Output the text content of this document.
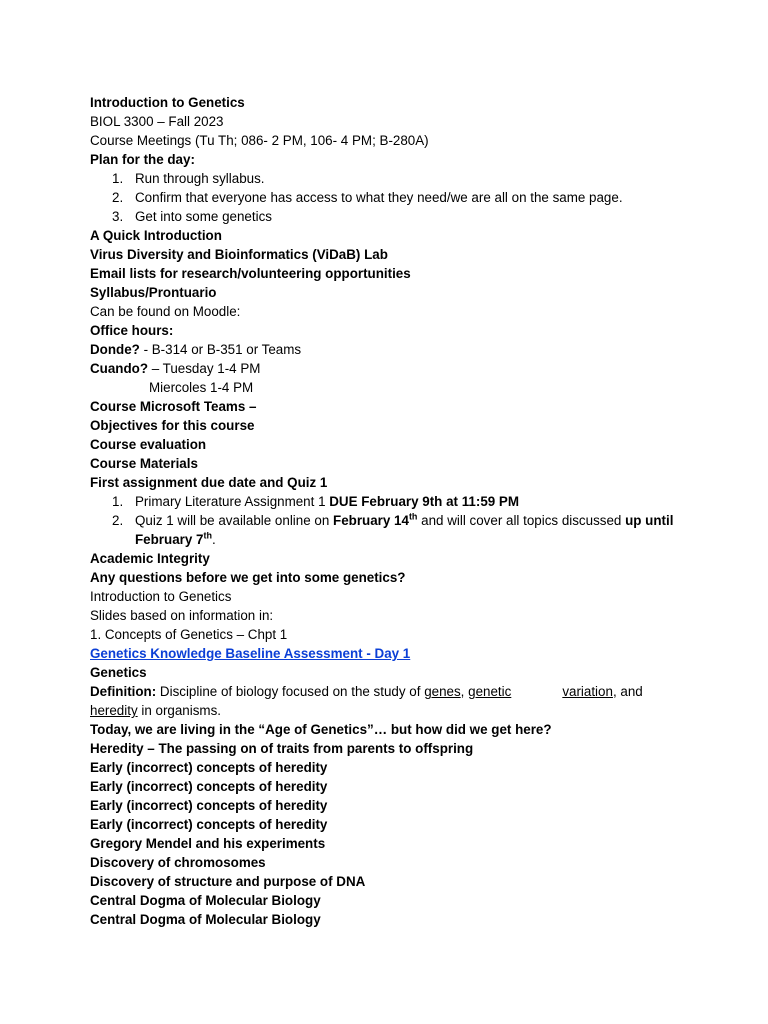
Introduction to Genetics
BIOL 3300 – Fall 2023
Course Meetings (Tu Th; 086- 2 PM, 106- 4 PM; B-280A)
Plan for the day:
1. Run through syllabus.
2. Confirm that everyone has access to what they need/we are all on the same page.
3. Get into some genetics
A Quick Introduction
Virus Diversity and Bioinformatics (ViDaB) Lab
Email lists for research/volunteering opportunities
Syllabus/Prontuario
Can be found on Moodle:
Office hours:
Donde? - B-314 or B-351 or Teams
Cuando? – Tuesday 1-4 PM
Miercoles 1-4 PM
Course Microsoft Teams –
Objectives for this course
Course evaluation
Course Materials
First assignment due date and Quiz 1
1. Primary Literature Assignment 1 DUE February 9th at 11:59 PM
2. Quiz 1 will be available online on February 14th and will cover all topics discussed up until February 7th.
Academic Integrity
Any questions before we get into some genetics?
Introduction to Genetics
Slides based on information in:
1. Concepts of Genetics – Chpt 1
Genetics Knowledge Baseline Assessment - Day 1
Genetics
Definition: Discipline of biology focused on the study of genes, genetic	variation, and
heredity in organisms.
Today, we are living in the “Age of Genetics”… but how did we get here?
Heredity – The passing on of traits from parents to offspring
Early (incorrect) concepts of heredity
Early (incorrect) concepts of heredity
Early (incorrect) concepts of heredity
Early (incorrect) concepts of heredity
Gregory Mendel and his experiments
Discovery of chromosomes
Discovery of structure and purpose of DNA
Central Dogma of Molecular Biology
Central Dogma of Molecular Biology
